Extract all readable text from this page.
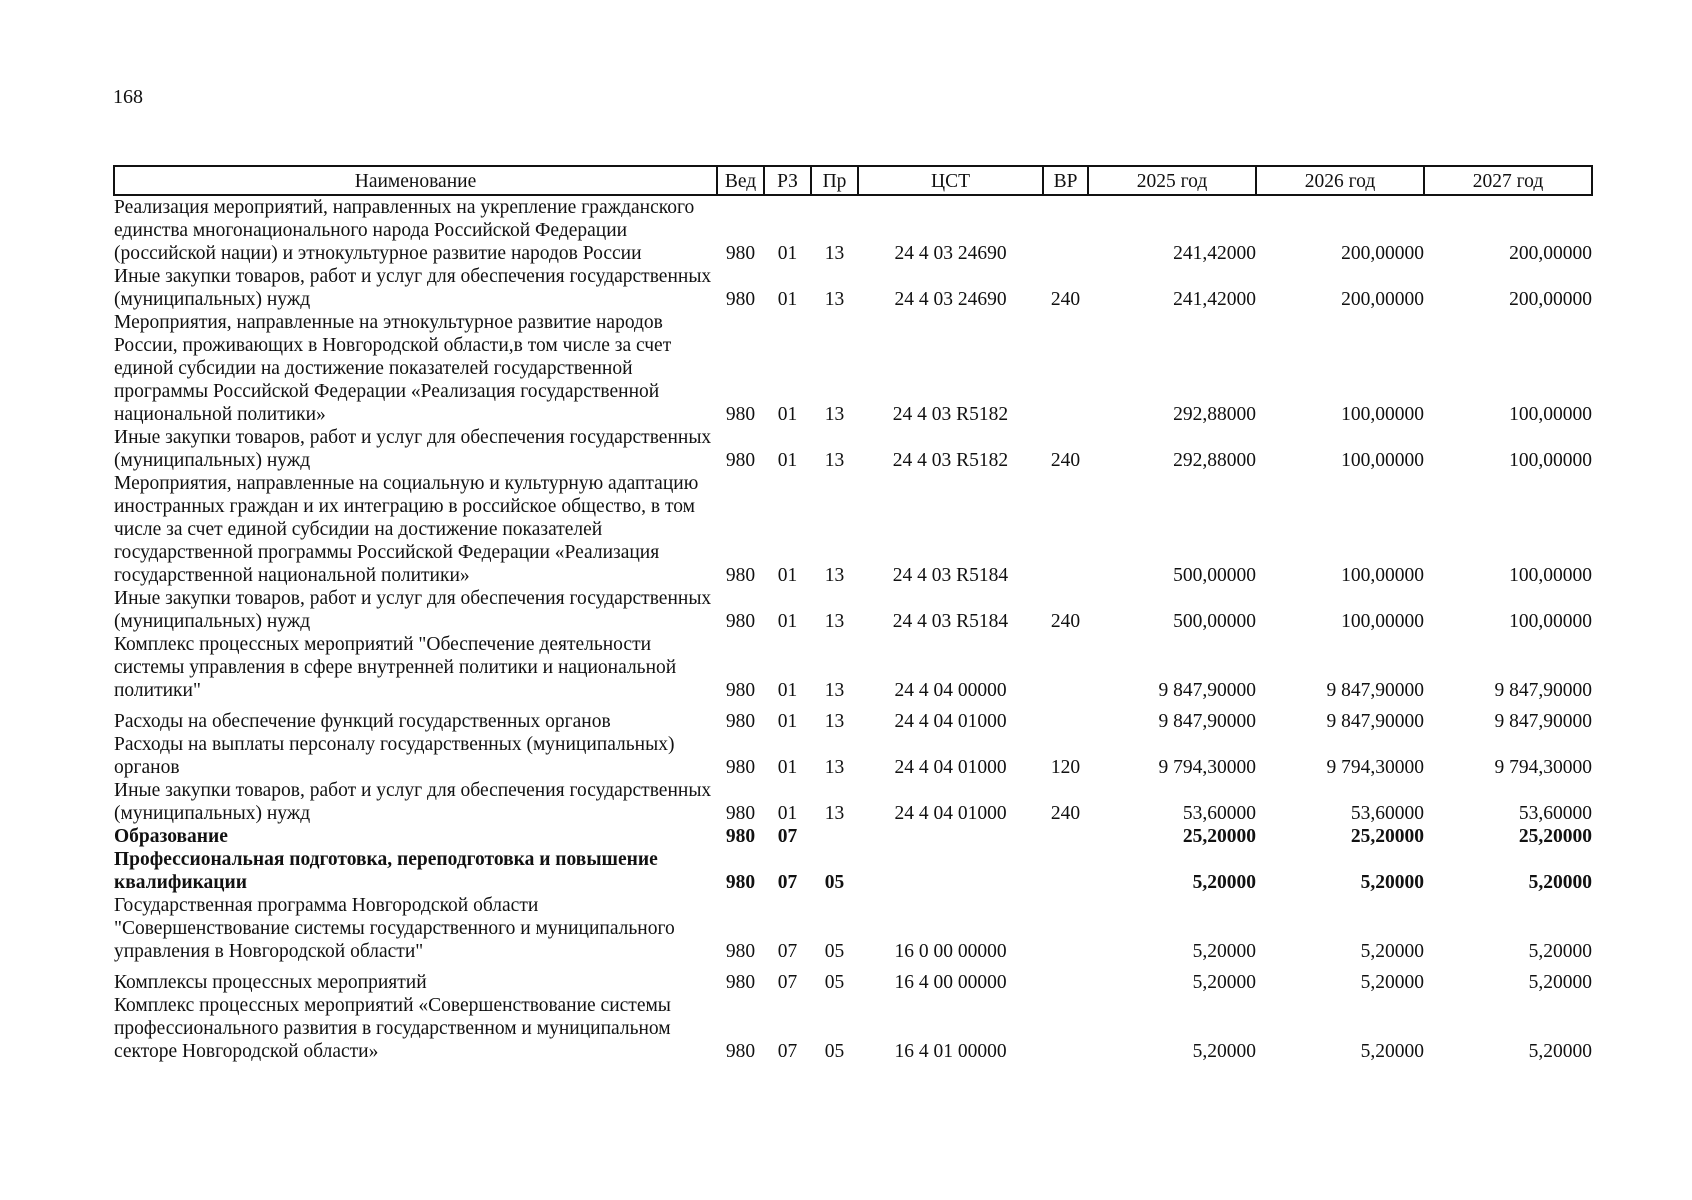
168
Наименование	Вед	РЗ	Пр	ЦСТ	ВР	2025 год	2026 год	2027 год
Реализация мероприятий, направленных на укрепление гражданского единства многонационального народа Российской Федерации (российской нации) и этнокультурное развитие народов России	980	01	13	24 4 03 24690		241,42000	200,00000	200,00000
Иные закупки товаров, работ и услуг для обеспечения государственных (муниципальных) нужд	980	01	13	24 4 03 24690	240	241,42000	200,00000	200,00000
Мероприятия, направленные на этнокультурное развитие народов России, проживающих в Новгородской области,в том числе за счет единой субсидии на достижение показателей государственной программы Российской Федерации «Реализация государственной национальной политики»	980	01	13	24 4 03 R5182		292,88000	100,00000	100,00000
Иные закупки товаров, работ и услуг для обеспечения государственных (муниципальных) нужд	980	01	13	24 4 03 R5182	240	292,88000	100,00000	100,00000
Мероприятия, направленные на социальную и культурную адаптацию иностранных граждан и их интеграцию в российское общество, в том числе за счет единой субсидии на достижение показателей государственной программы Российской Федерации «Реализация государственной национальной политики»	980	01	13	24 4 03 R5184		500,00000	100,00000	100,00000
Иные закупки товаров, работ и услуг для обеспечения государственных (муниципальных) нужд	980	01	13	24 4 03 R5184	240	500,00000	100,00000	100,00000
Комплекс процессных мероприятий "Обеспечение деятельности системы управления в сфере внутренней политики и национальной политики"	980	01	13	24 4 04 00000		9 847,90000	9 847,90000	9 847,90000
Расходы на обеспечение функций государственных органов	980	01	13	24 4 04 01000		9 847,90000	9 847,90000	9 847,90000
Расходы на выплаты персоналу государственных (муниципальных) органов	980	01	13	24 4 04 01000	120	9 794,30000	9 794,30000	9 794,30000
Иные закупки товаров, работ и услуг для обеспечения государственных (муниципальных) нужд	980	01	13	24 4 04 01000	240	53,60000	53,60000	53,60000
Образование	980	07				25,20000	25,20000	25,20000
Профессиональная подготовка, переподготовка и повышение квалификации	980	07	05			5,20000	5,20000	5,20000
Государственная программа Новгородской области "Совершенствование системы государственного и муниципального управления в Новгородской области"	980	07	05	16 0 00 00000		5,20000	5,20000	5,20000
Комплексы процессных мероприятий	980	07	05	16 4 00 00000		5,20000	5,20000	5,20000
Комплекс процессных мероприятий «Совершенствование системы профессионального развития в государственном и муниципальном секторе Новгородской области»	980	07	05	16 4 01 00000		5,20000	5,20000	5,20000
